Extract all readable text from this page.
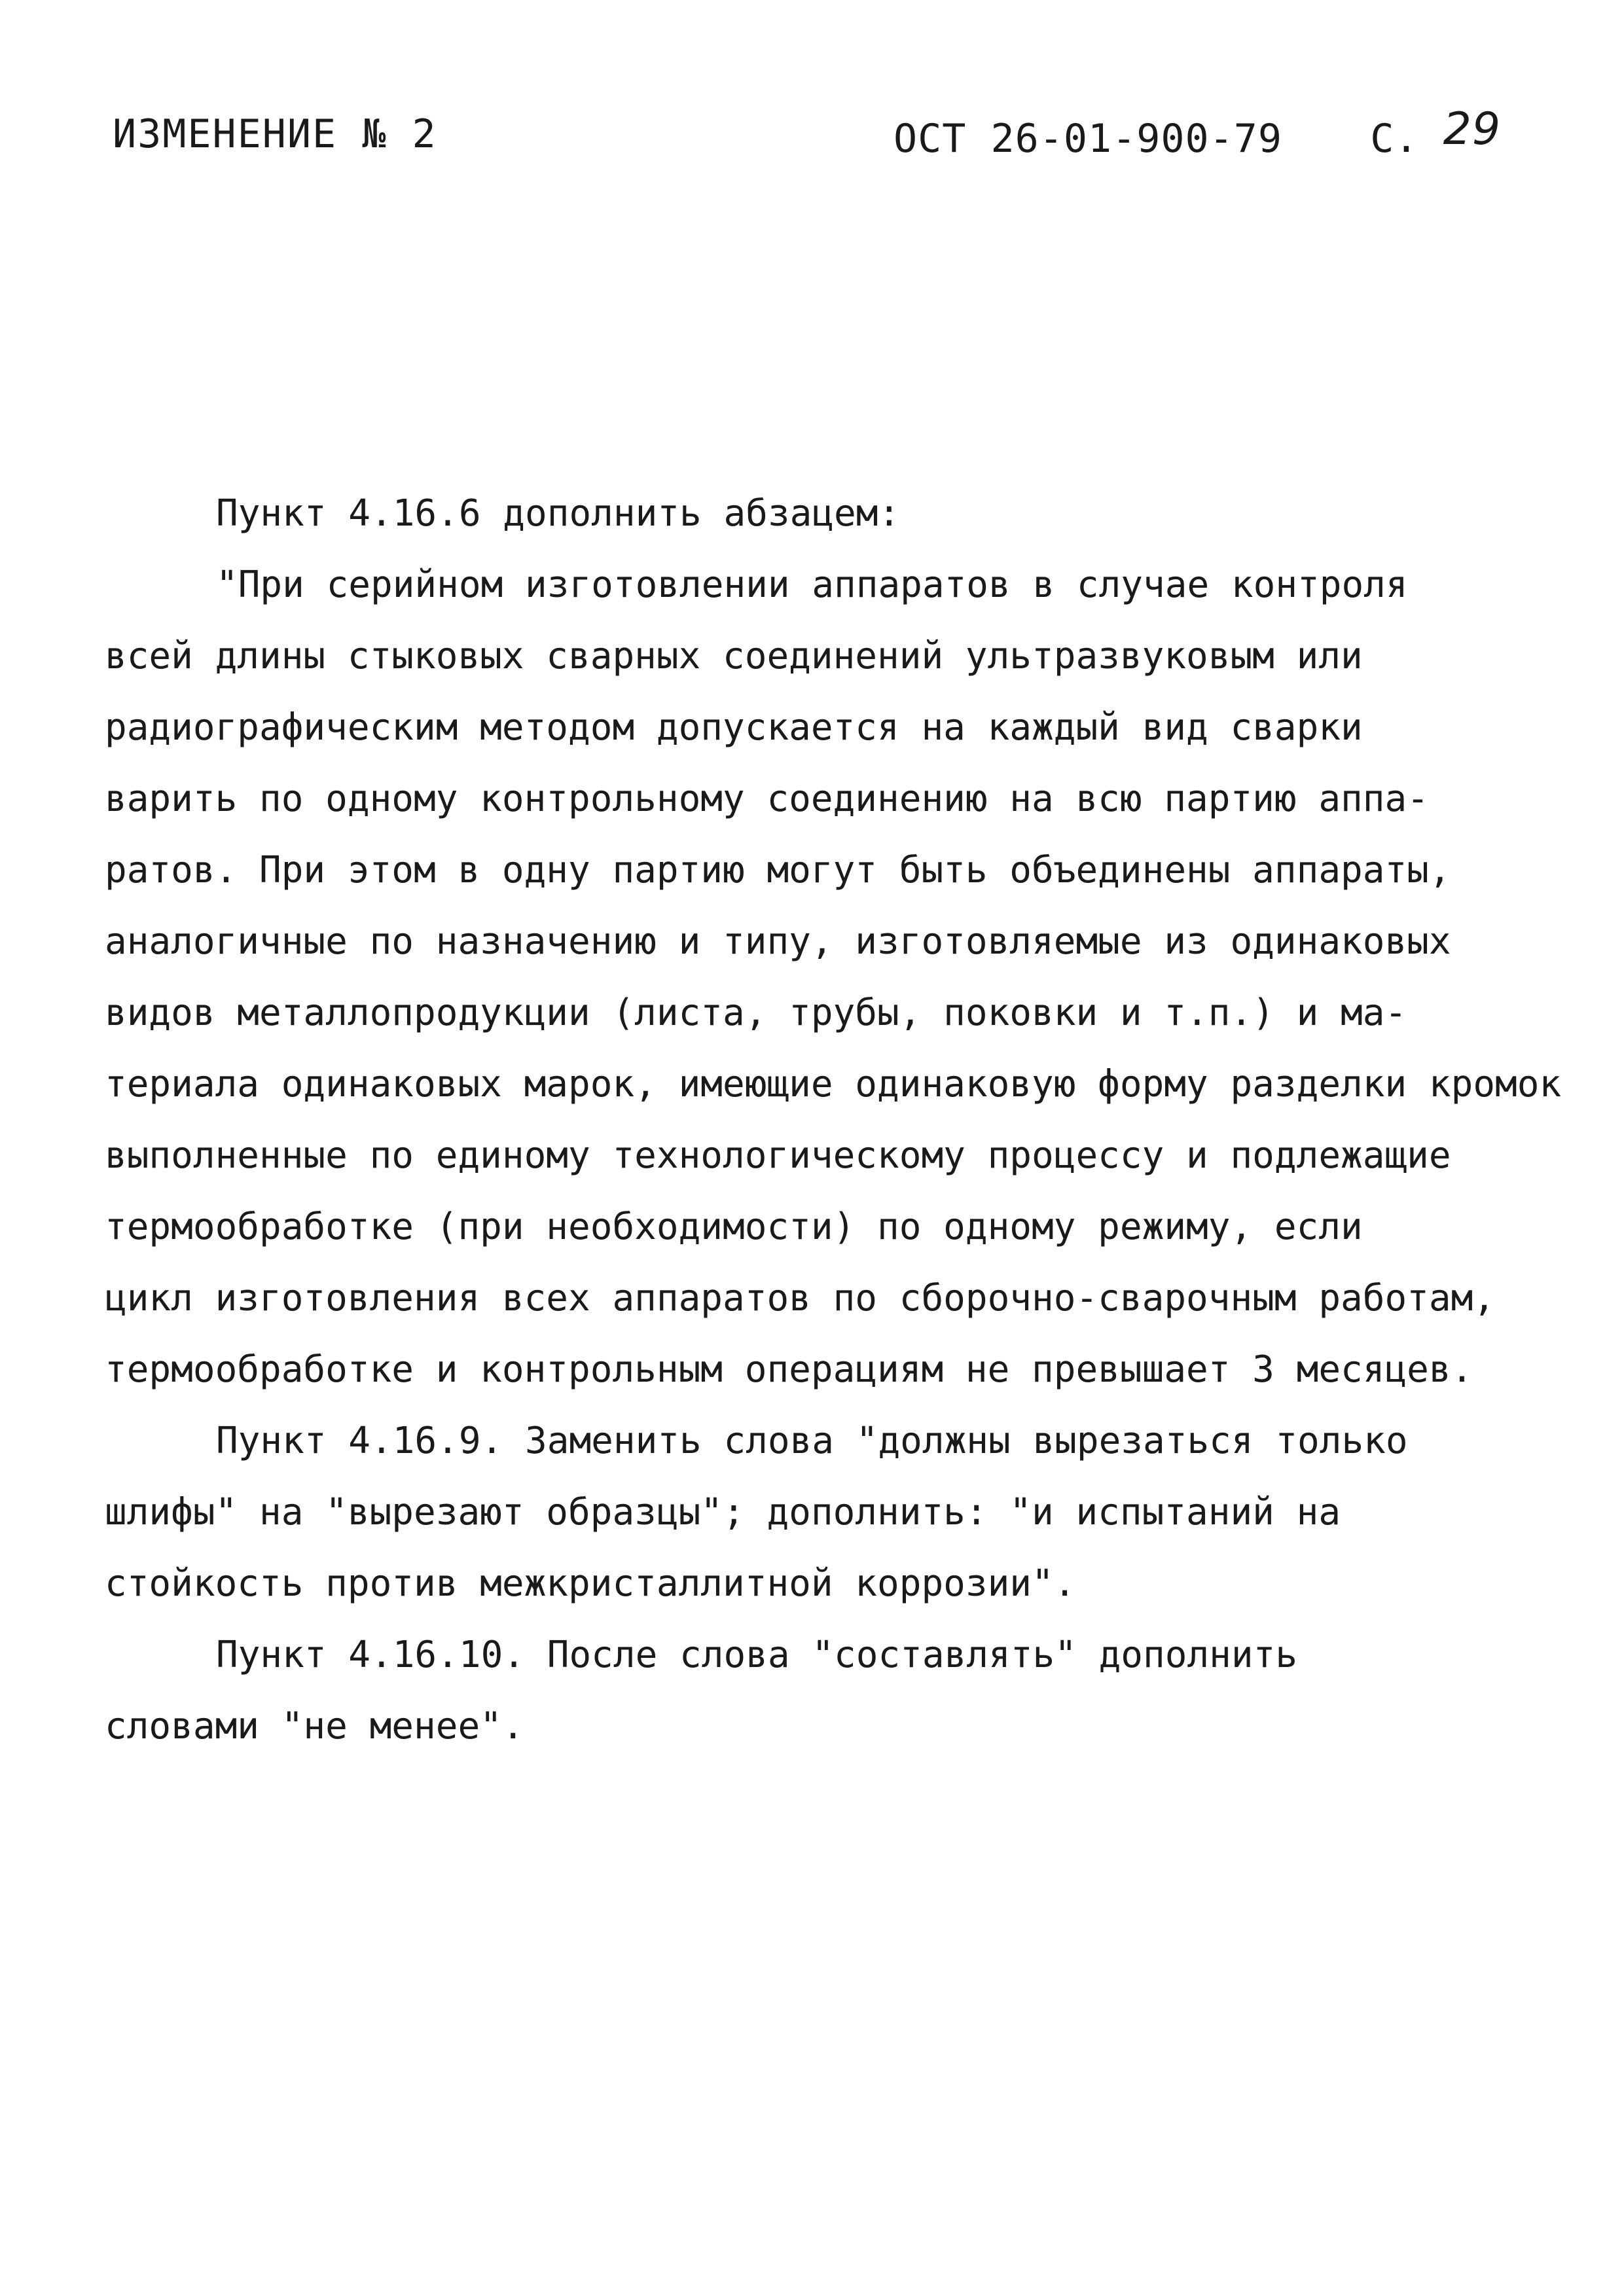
ИЗМЕНЕНИЕ № 2	ОСТ 26-01-900-79 С. 29
Пункт 4.16.6 дополнить абзацем:
"При серийном изготовлении аппаратов в случае контроля
всей длины стыковых сварных соединений ультразвуковым или
радиографическим методом допускается на каждый вид сварки
варить по одному контрольному соединению на всю партию аппа-
ратов. При этом в одну партию могут быть объединены аппараты,
аналогичные по назначению и типу, изготовляемые из одинаковых
видов металлопродукции (листа, трубы, поковки и т.п.) и ма-
териала одинаковых марок, имеющие одинаковую форму разделки кромок
выполненные по единому технологическому процессу и подлежащие
термообработке (при необходимости) по одному режиму, если
цикл изготовления всех аппаратов по сборочно-сварочным работам,
термообработке и контрольным операциям не превышает 3 месяцев.
Пункт 4.16.9. Заменить слова "должны вырезаться только
шлифы" на "вырезают образцы"; дополнить: "и испытаний на
стойкость против межкристаллитной коррозии".
Пункт 4.16.10. После слова "составлять" дополнить
словами "не менее".
